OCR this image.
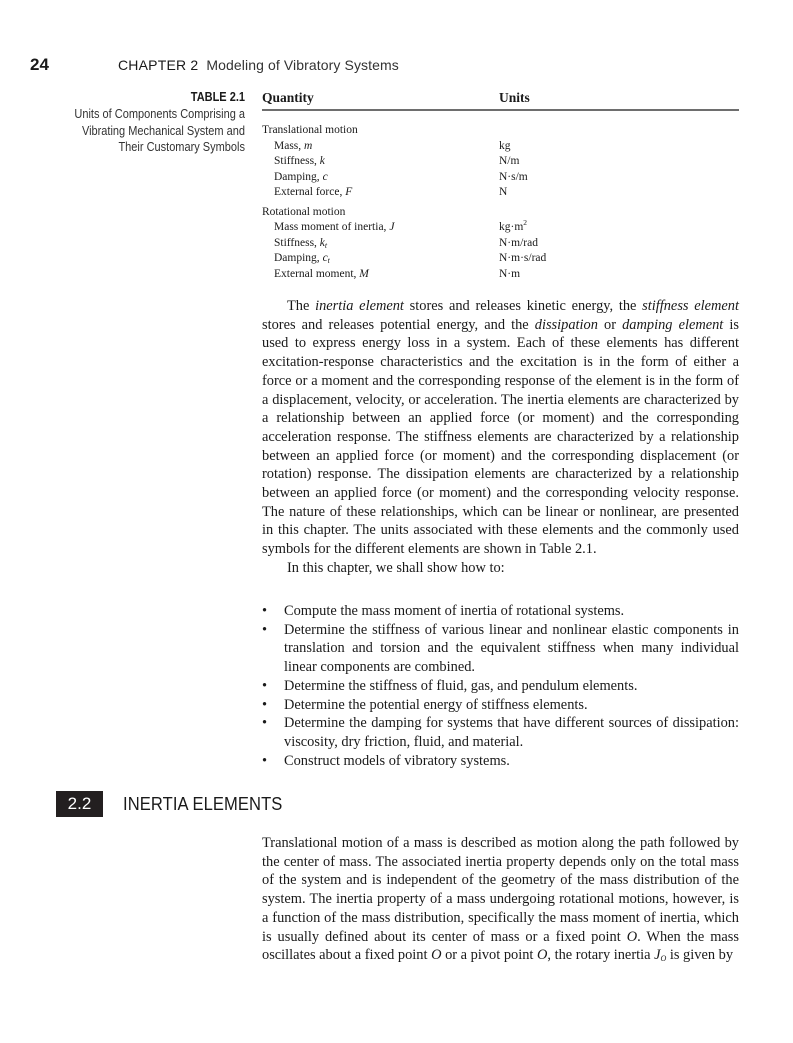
24	CHAPTER 2 Modeling of Vibratory Systems
TABLE 2.1
Units of Components Comprising a Vibrating Mechanical System and Their Customary Symbols
Quantity	Units
Translational motion
Mass, m	kg
Stiffness, k	N/m
Damping, c	N·s/m
External force, F	N
Rotational motion
Mass moment of inertia, J	$kg\cdot m^2$
Stiffness, $k_t$	N·m/rad
Damping, $c_t$	N·m·s/rad
External moment, M	N·m

The inertia element stores and releases kinetic energy, the stiffness element stores and releases potential energy, and the dissipation or damping element is used to express energy loss in a system. Each of these elements has different excitation-response characteristics and the excitation is in the form of either a force or a moment and the corresponding response of the element is in the form of a displacement, velocity, or acceleration. The inertia elements are characterized by a relationship between an applied force (or moment) and the corresponding acceleration response. The stiffness elements are characterized by a relationship between an applied force (or moment) and the corresponding displacement (or rotation) response. The dissipation elements are characterized by a relationship between an applied force (or moment) and the corresponding velocity response. The nature of these relationships, which can be linear or nonlinear, are presented in this chapter. The units associated with these elements and the commonly used symbols for the different elements are shown in Table 2.1.

In this chapter, we shall show how to:

• Compute the mass moment of inertia of rotational systems.
• Determine the stiffness of various linear and nonlinear elastic components in translation and torsion and the equivalent stiffness when many individual linear components are combined.
• Determine the stiffness of fluid, gas, and pendulum elements.
• Determine the potential energy of stiffness elements.
• Determine the damping for systems that have different sources of dissipation: viscosity, dry friction, fluid, and material.
• Construct models of vibratory systems.
2.2	INERTIA ELEMENTS

Translational motion of a mass is described as motion along the path followed by the center of mass. The associated inertia property depends only on the total mass of the system and is independent of the geometry of the mass distribution of the system. The inertia property of a mass undergoing rotational motions, however, is a function of the mass distribution, specifically the mass moment of inertia, which is usually defined about its center of mass or a fixed point O. When the mass oscillates about a fixed point O or a pivot point O, the rotary inertia $J_O$ is given by
